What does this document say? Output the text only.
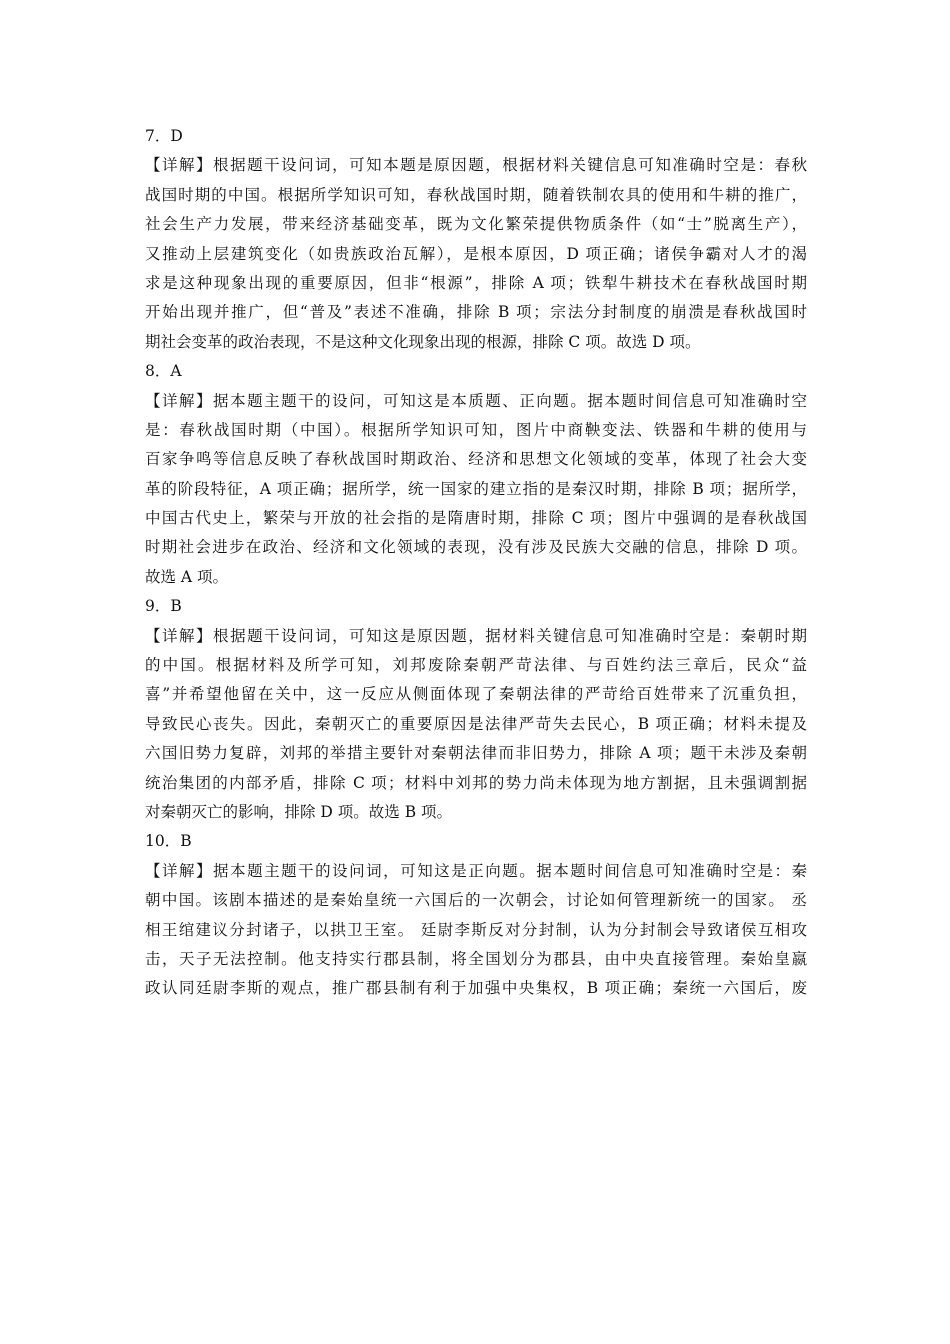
7．D
【详解】根据题干设问词，可知本题是原因题，根据材料关键信息可知准确时空是：春秋
战国时期的中国。根据所学知识可知，春秋战国时期，随着铁制农具的使用和牛耕的推广，
社会生产力发展，带来经济基础变革，既为文化繁荣提供物质条件（如“士”脱离生产），
又推动上层建筑变化（如贵族政治瓦解），是根本原因，D 项正确；诸侯争霸对人才的渴
求是这种现象出现的重要原因，但非“根源”，排除 A 项；铁犁牛耕技术在春秋战国时期
开始出现并推广，但“普及”表述不准确，排除 B 项；宗法分封制度的崩溃是春秋战国时
期社会变革的政治表现，不是这种文化现象出现的根源，排除 C 项。故选 D 项。
8．A
【详解】据本题主题干的设问，可知这是本质题、正向题。据本题时间信息可知准确时空
是：春秋战国时期（中国）。根据所学知识可知，图片中商鞅变法、铁器和牛耕的使用与
百家争鸣等信息反映了春秋战国时期政治、经济和思想文化领域的变革，体现了社会大变
革的阶段特征，A 项正确；据所学，统一国家的建立指的是秦汉时期，排除 B 项；据所学，
中国古代史上，繁荣与开放的社会指的是隋唐时期，排除 C 项；图片中强调的是春秋战国
时期社会进步在政治、经济和文化领域的表现，没有涉及民族大交融的信息，排除 D 项。
故选 A 项。
9．B
【详解】根据题干设问词，可知这是原因题，据材料关键信息可知准确时空是：秦朝时期
的中国。根据材料及所学可知，刘邦废除秦朝严苛法律、与百姓约法三章后，民众“益
喜”并希望他留在关中，这一反应从侧面体现了秦朝法律的严苛给百姓带来了沉重负担，
导致民心丧失。因此，秦朝灭亡的重要原因是法律严苛失去民心，B 项正确；材料未提及
六国旧势力复辟，刘邦的举措主要针对秦朝法律而非旧势力，排除 A 项；题干未涉及秦朝
统治集团的内部矛盾，排除 C 项；材料中刘邦的势力尚未体现为地方割据，且未强调割据
对秦朝灭亡的影响，排除 D 项。故选 B 项。
10．B
【详解】据本题主题干的设问词，可知这是正向题。据本题时间信息可知准确时空是：秦
朝中国。该剧本描述的是秦始皇统一六国后的一次朝会，讨论如何管理新统一的国家。 丞
相王绾建议分封诸子，以拱卫王室。 廷尉李斯反对分封制，认为分封制会导致诸侯互相攻
击，天子无法控制。他支持实行郡县制，将全国划分为郡县，由中央直接管理。秦始皇嬴
政认同廷尉李斯的观点，推广郡县制有利于加强中央集权，B 项正确；秦统一六国后，废
